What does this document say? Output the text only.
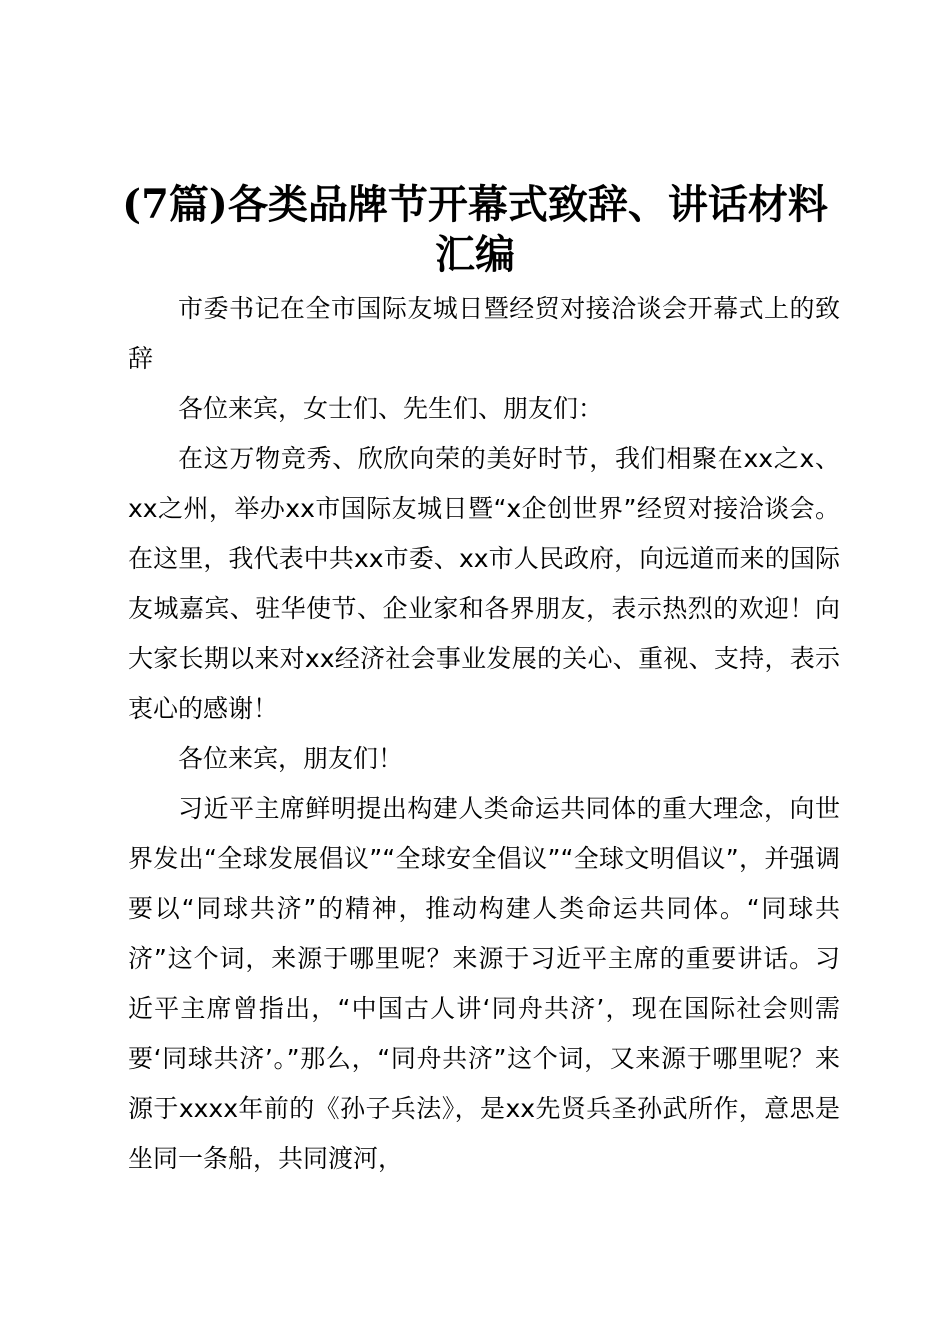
(7篇)各类品牌节开幕式致辞、讲话材料汇编

市委书记在全市国际友城日暨经贸对接洽谈会开幕式上的致辞

各位来宾，女士们、先生们、朋友们：

在这万物竞秀、欣欣向荣的美好时节，我们相聚在xx之x、xx之州，举办xx市国际友城日暨“x企创世界”经贸对接洽谈会。在这里，我代表中共xx市委、xx市人民政府，向远道而来的国际友城嘉宾、驻华使节、企业家和各界朋友，表示热烈的欢迎！向大家长期以来对xx经济社会事业发展的关心、重视、支持，表示衷心的感谢！

各位来宾，朋友们！

习近平主席鲜明提出构建人类命运共同体的重大理念，向世界发出“全球发展倡议”“全球安全倡议”“全球文明倡议”，并强调要以“同球共济”的精神，推动构建人类命运共同体。“同球共济”这个词，来源于哪里呢？来源于习近平主席的重要讲话。习近平主席曾指出，“中国古人讲‘同舟共济’，现在国际社会则需要‘同球共济’。”那么，“同舟共济”这个词，又来源于哪里呢？来源于xxxx年前的《孙子兵法》，是xx先贤兵圣孙武所作，意思是坐同一条船，共同渡河，
